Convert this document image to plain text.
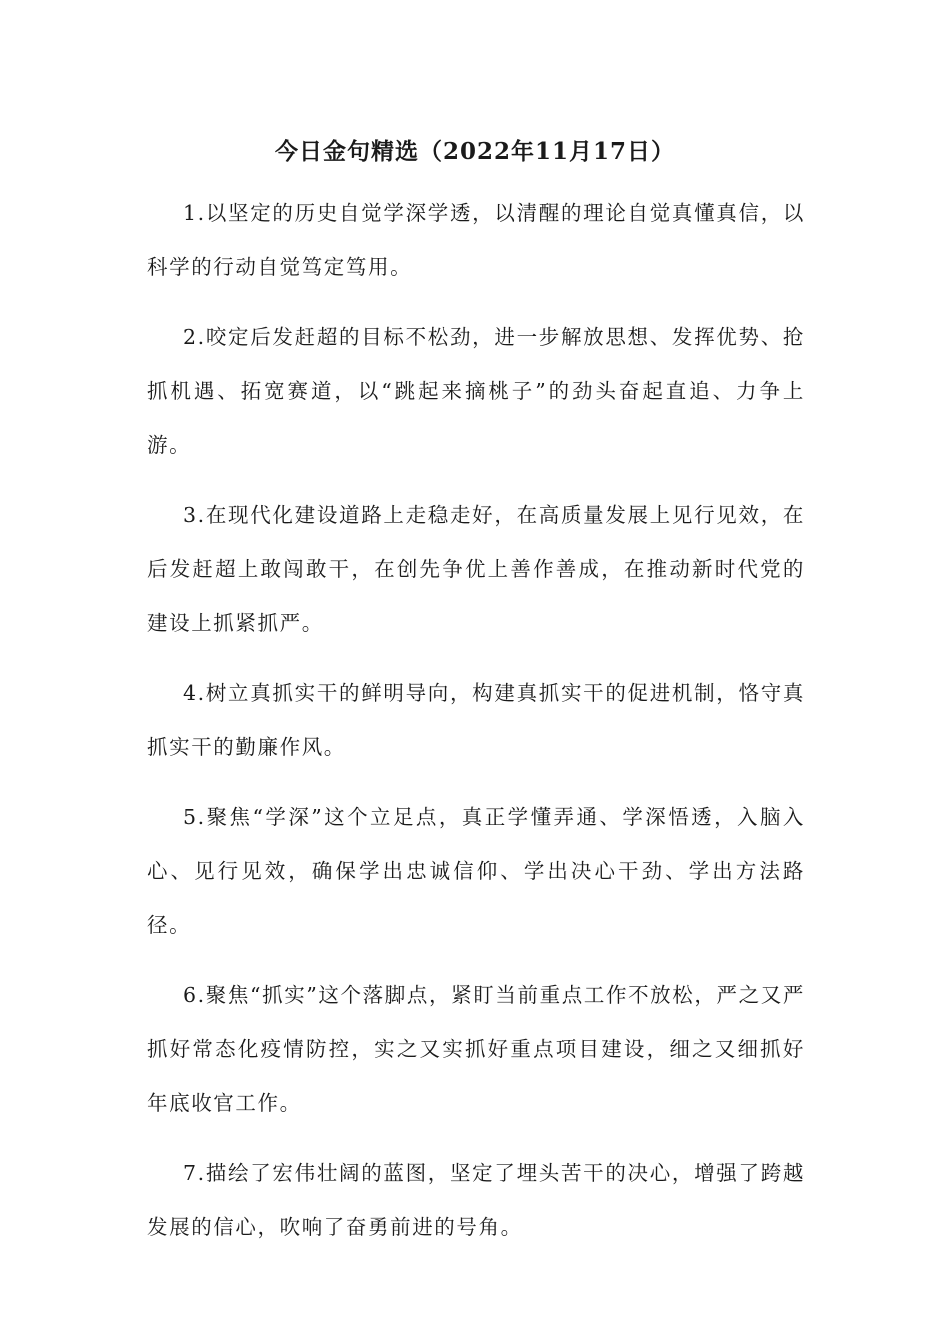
今日金句精选（2022年11月17日）

1.以坚定的历史自觉学深学透，以清醒的理论自觉真懂真信，以科学的行动自觉笃定笃用。

2.咬定后发赶超的目标不松劲，进一步解放思想、发挥优势、抢抓机遇、拓宽赛道，以“跳起来摘桃子”的劲头奋起直追、力争上游。

3.在现代化建设道路上走稳走好，在高质量发展上见行见效，在后发赶超上敢闯敢干，在创先争优上善作善成，在推动新时代党的建设上抓紧抓严。

4.树立真抓实干的鲜明导向，构建真抓实干的促进机制，恪守真抓实干的勤廉作风。

5.聚焦“学深”这个立足点，真正学懂弄通、学深悟透，入脑入心、见行见效，确保学出忠诚信仰、学出决心干劲、学出方法路径。

6.聚焦“抓实”这个落脚点，紧盯当前重点工作不放松，严之又严抓好常态化疫情防控，实之又实抓好重点项目建设，细之又细抓好年底收官工作。

7.描绘了宏伟壮阔的蓝图，坚定了埋头苦干的决心，增强了跨越发展的信心，吹响了奋勇前进的号角。
